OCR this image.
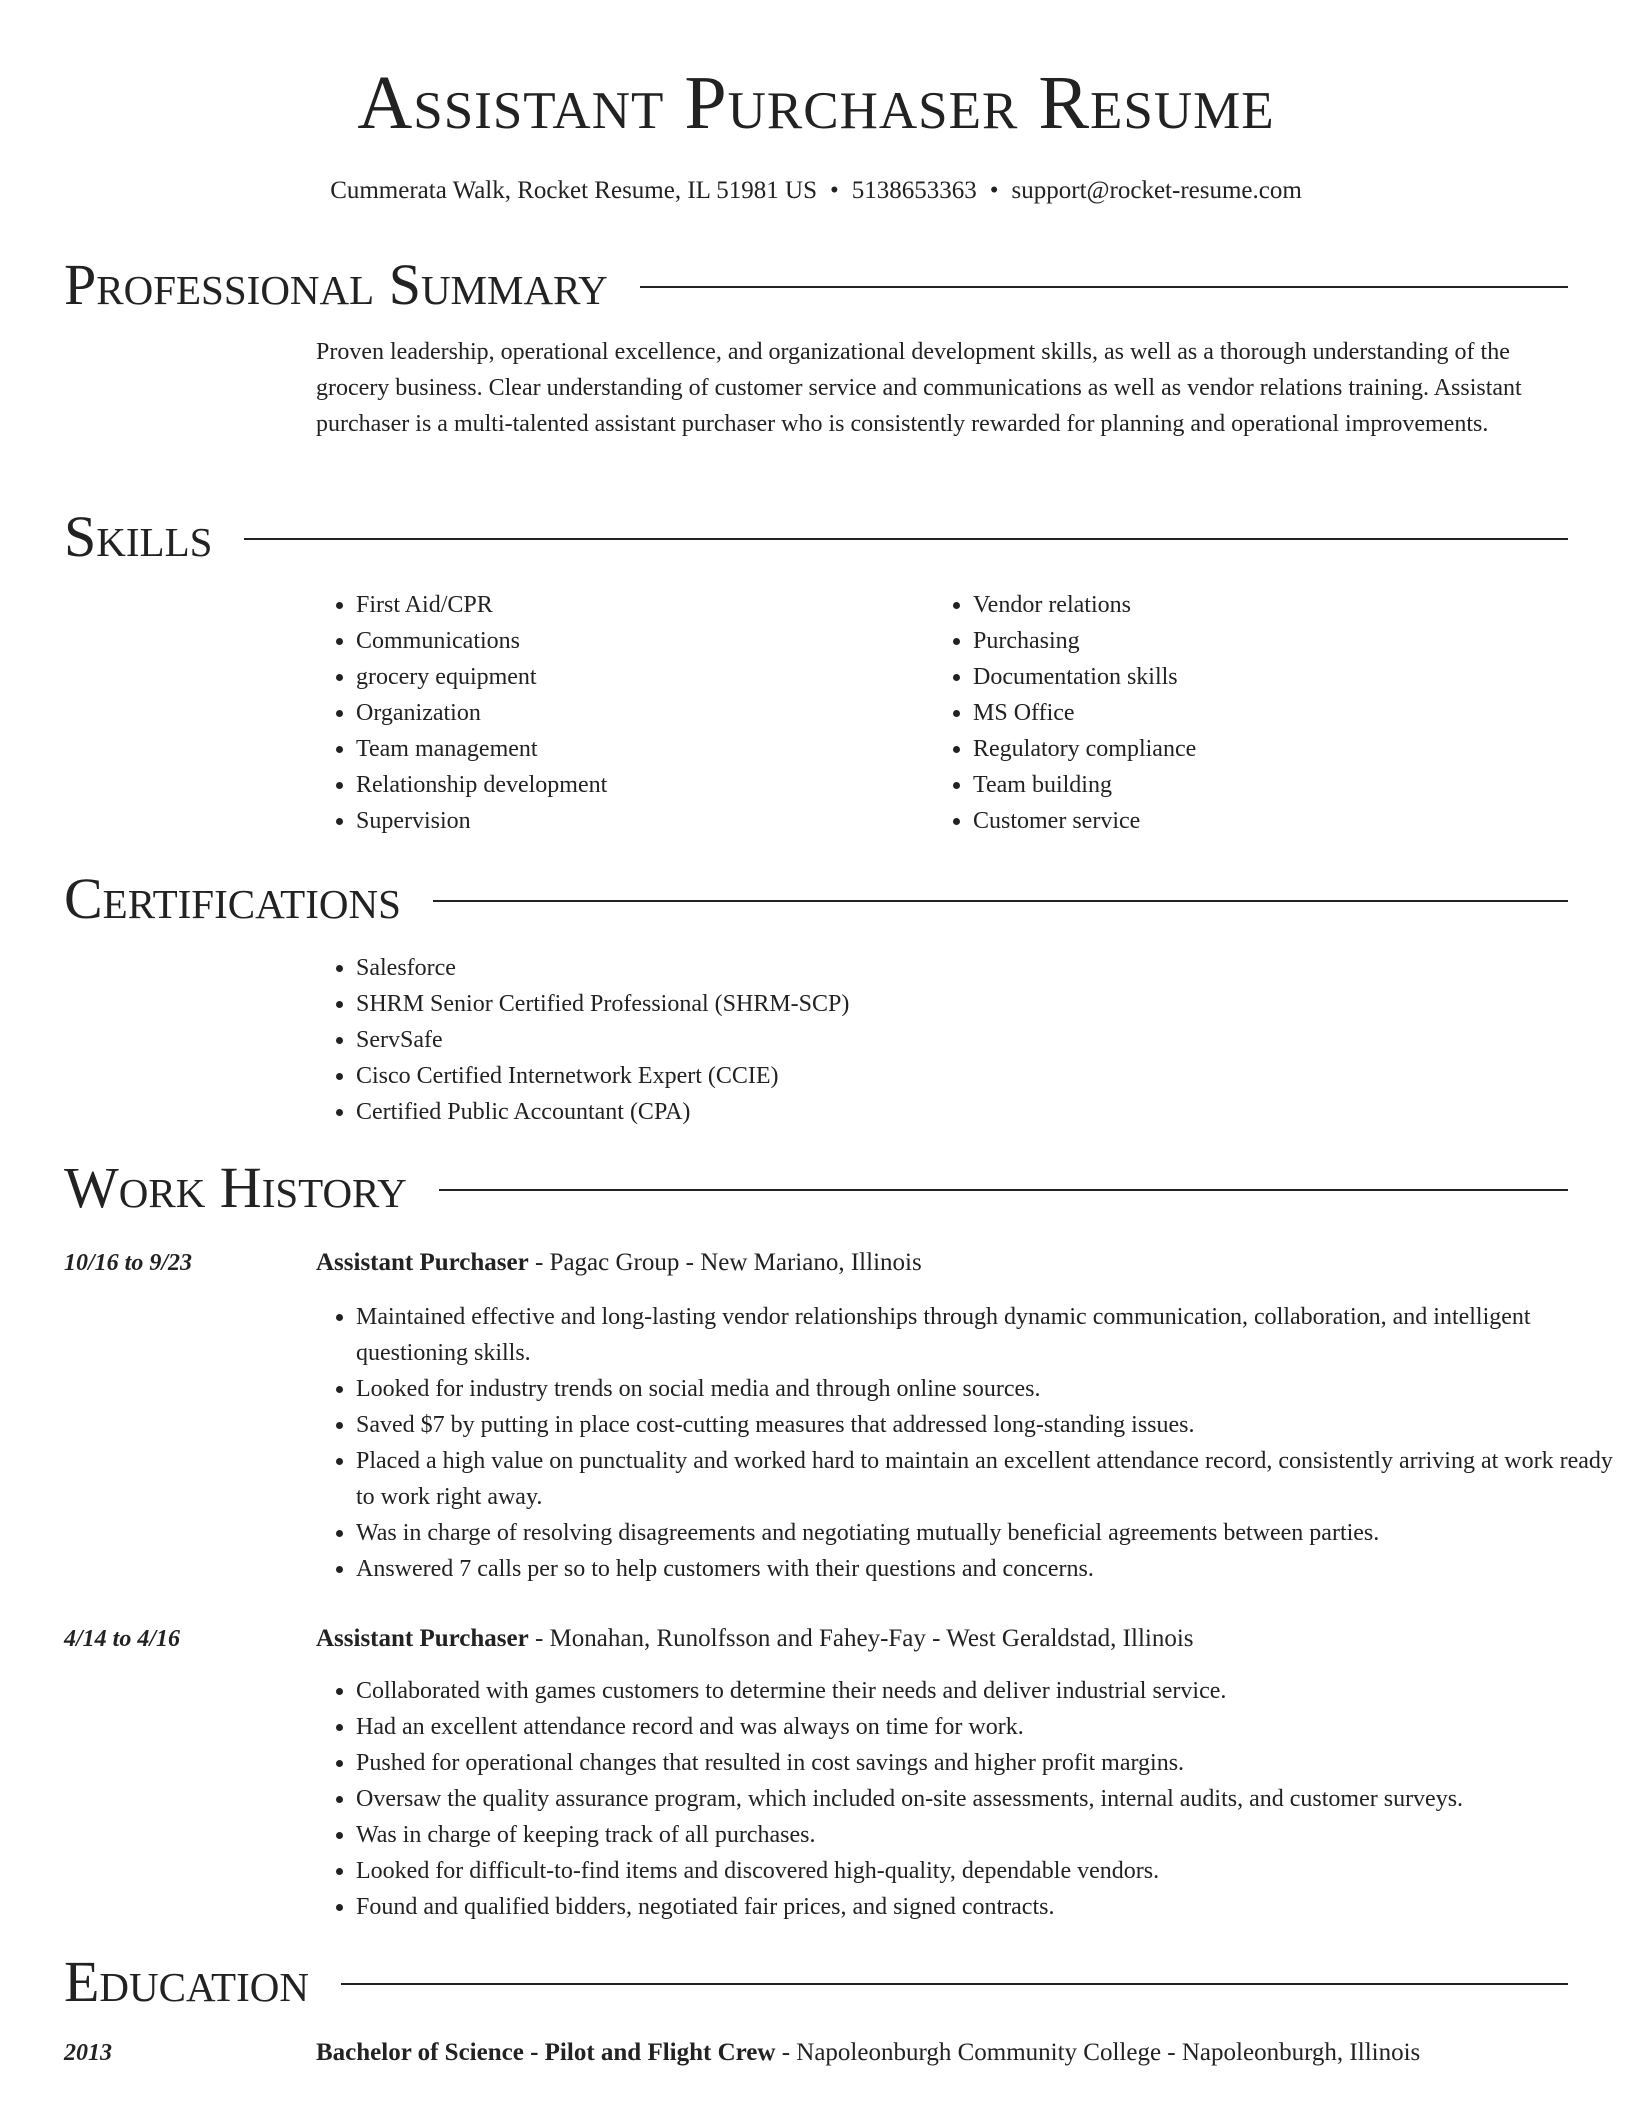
Assistant Purchaser Resume
Cummerata Walk, Rocket Resume, IL 51981 US • 5138653363 • support@rocket-resume.com
Professional Summary

Proven leadership, operational excellence, and organizational development skills, as well as a thorough understanding of the grocery business. Clear understanding of customer service and communications as well as vendor relations training. Assistant purchaser is a multi-talented assistant purchaser who is consistently rewarded for planning and operational improvements.

Skills
• First Aid/CPR
• Communications
• grocery equipment
• Organization
• Team management
• Relationship development
• Supervision
• Vendor relations
• Purchasing
• Documentation skills
• MS Office
• Regulatory compliance
• Team building
• Customer service
Certifications
• Salesforce
• SHRM Senior Certified Professional (SHRM-SCP)
• ServSafe
• Cisco Certified Internetwork Expert (CCIE)
• Certified Public Accountant (CPA)
Work History
10/16 to 9/23	Assistant Purchaser - Pagac Group - New Mariano, Illinois
• Maintained effective and long-lasting vendor relationships through dynamic communication, collaboration, and intelligent questioning skills.
• Looked for industry trends on social media and through online sources.
• Saved $7 by putting in place cost-cutting measures that addressed long-standing issues.
• Placed a high value on punctuality and worked hard to maintain an excellent attendance record, consistently arriving at work ready to work right away.
• Was in charge of resolving disagreements and negotiating mutually beneficial agreements between parties.
• Answered 7 calls per so to help customers with their questions and concerns.
4/14 to 4/16	Assistant Purchaser - Monahan, Runolfsson and Fahey-Fay - West Geraldstad, Illinois
• Collaborated with games customers to determine their needs and deliver industrial service.
• Had an excellent attendance record and was always on time for work.
• Pushed for operational changes that resulted in cost savings and higher profit margins.
• Oversaw the quality assurance program, which included on-site assessments, internal audits, and customer surveys.
• Was in charge of keeping track of all purchases.
• Looked for difficult-to-find items and discovered high-quality, dependable vendors.
• Found and qualified bidders, negotiated fair prices, and signed contracts.
Education
2013	Bachelor of Science - Pilot and Flight Crew - Napoleonburgh Community College - Napoleonburgh, Illinois
